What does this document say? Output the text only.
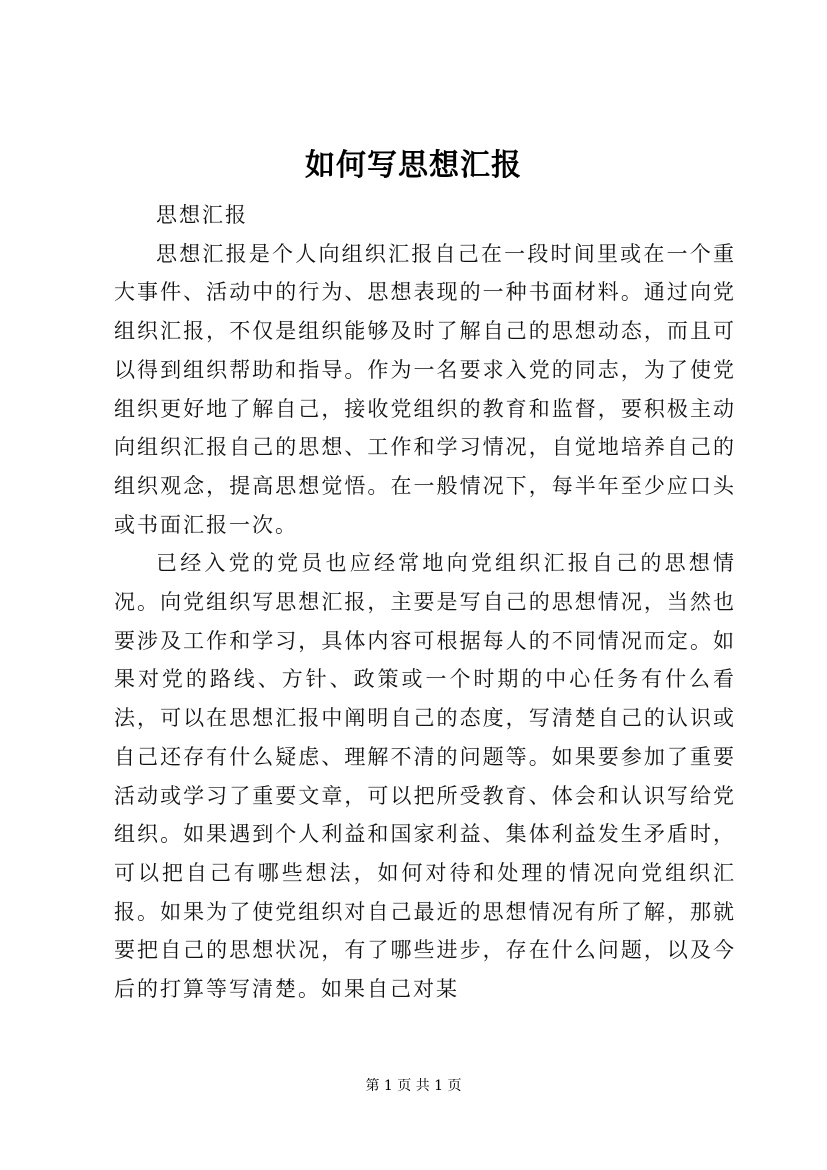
如何写思想汇报

思想汇报

思想汇报是个人向组织汇报自己在一段时间里或在一个重大事件、活动中的行为、思想表现的一种书面材料。通过向党组织汇报，不仅是组织能够及时了解自己的思想动态，而且可以得到组织帮助和指导。作为一名要求入党的同志，为了使党组织更好地了解自己，接收党组织的教育和监督，要积极主动向组织汇报自己的思想、工作和学习情况，自觉地培养自己的组织观念，提高思想觉悟。在一般情况下，每半年至少应口头或书面汇报一次。

已经入党的党员也应经常地向党组织汇报自己的思想情况。向党组织写思想汇报，主要是写自己的思想情况，当然也要涉及工作和学习，具体内容可根据每人的不同情况而定。如果对党的路线、方针、政策或一个时期的中心任务有什么看法，可以在思想汇报中阐明自己的态度，写清楚自己的认识或自己还存有什么疑虑、理解不清的问题等。如果要参加了重要活动或学习了重要文章，可以把所受教育、体会和认识写给党组织。如果遇到个人利益和国家利益、集体利益发生矛盾时，可以把自己有哪些想法，如何对待和处理的情况向党组织汇报。如果为了使党组织对自己最近的思想情况有所了解，那就要把自己的思想状况，有了哪些进步，存在什么问题，以及今后的打算等写清楚。如果自己对某

第 1 页 共 1 页
